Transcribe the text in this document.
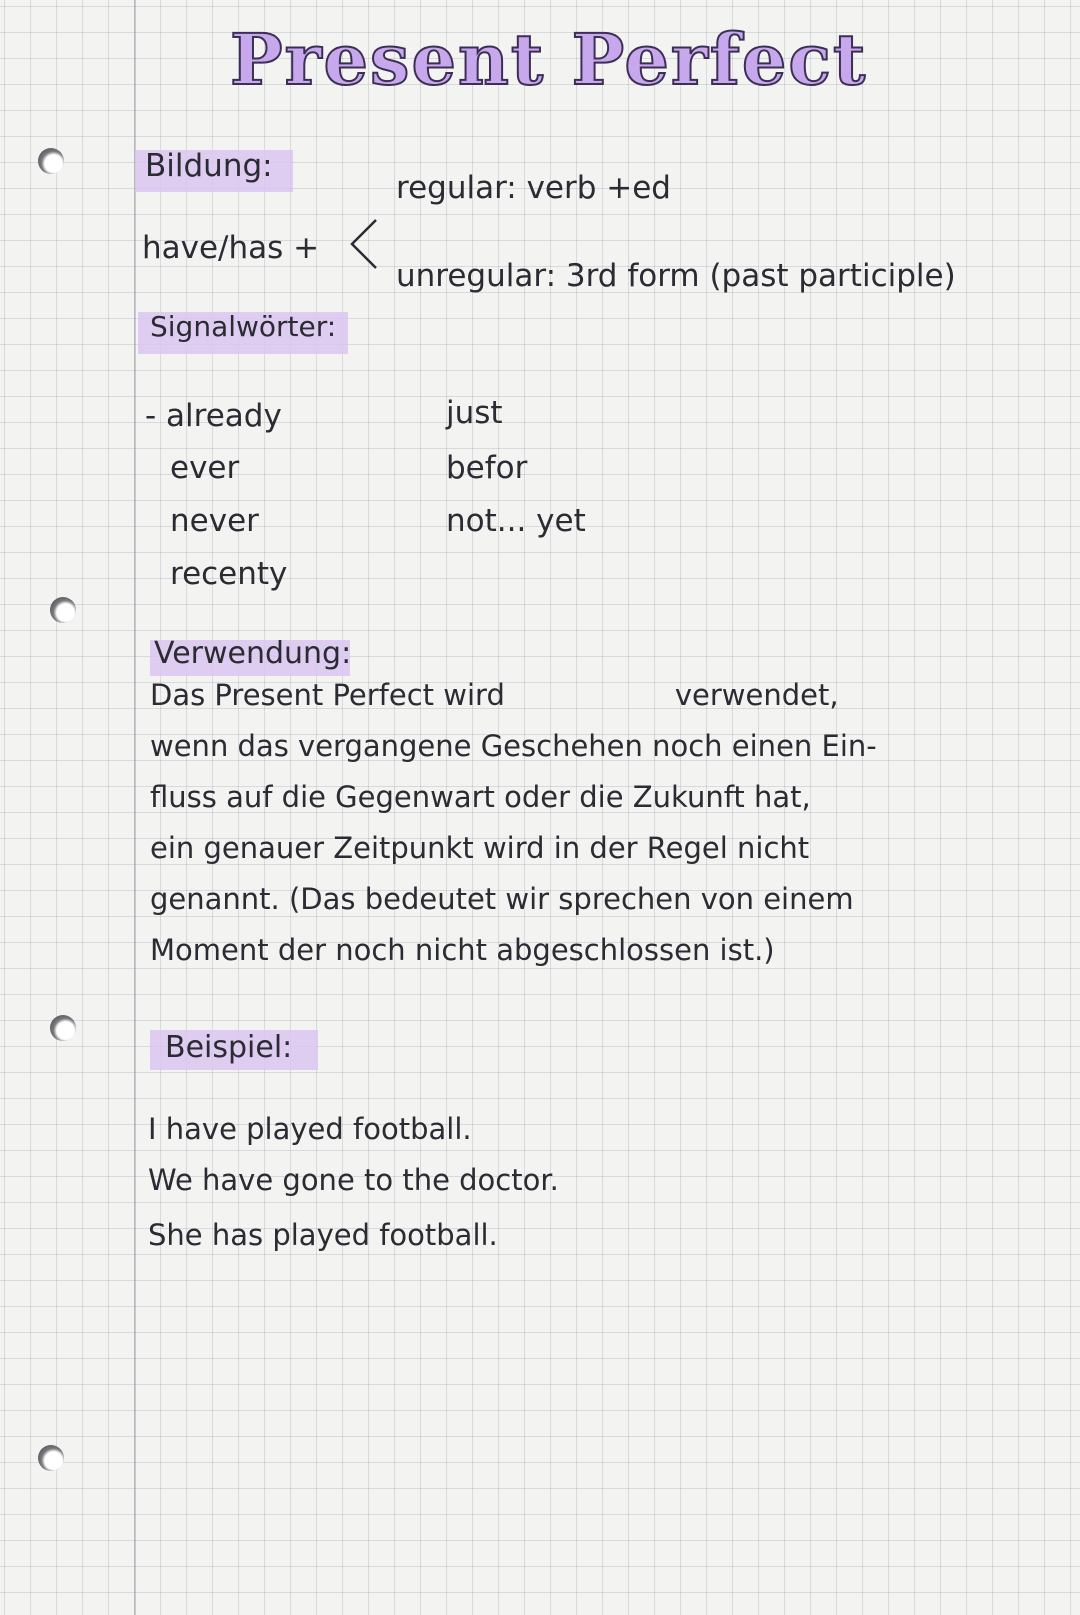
Present Perfect
Bildung:
regular: verb +ed
have/has +
unregular: 3rd form (past participle)
Signalwörter:
- already
ever
never
recenty
just
befor
not... yet
Verwendung:
Das Present Perfect wird	verwendet,
wenn das vergangene Geschehen noch einen Ein-
fluss auf die Gegenwart oder die Zukunft hat,
ein genauer Zeitpunkt wird in der Regel nicht
genannt. (Das bedeutet wir sprechen von einem
Moment der noch nicht abgeschlossen ist.)
Beispiel:
I have played football.
We have gone to the doctor.
She has played football.
